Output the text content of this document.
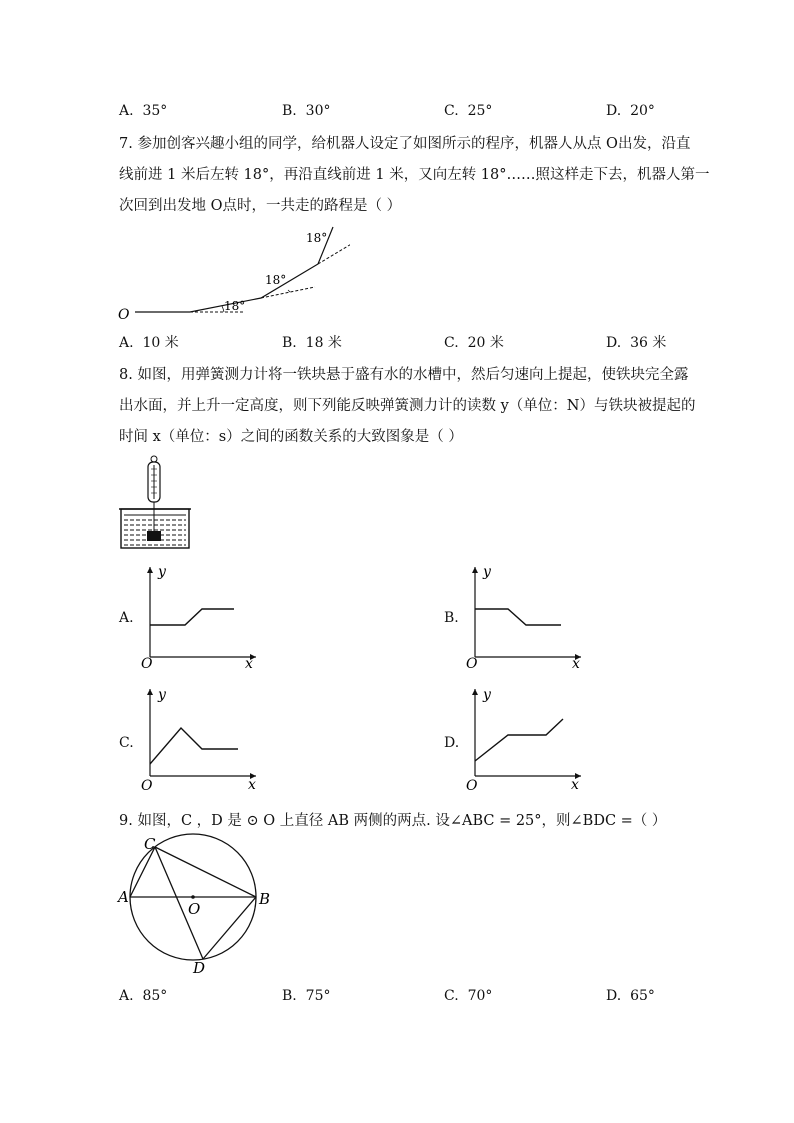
A. 35°	B. 30°	C. 25°	D. 20°
7. 参加创客兴趣小组的同学，给机器人设定了如图所示的程序，机器人从点 O出发，沿直
线前进 1 米后左转 18°，再沿直线前进 1 米，又向左转 18°……照这样走下去，机器人第一
次回到出发地 O点时，一共走的路程是（ ）
O
18°
18°
18°
A. 10 米	B. 18 米	C. 20 米	D. 36 米
8. 如图，用弹簧测力计将一铁块悬于盛有水的水槽中，然后匀速向上提起，使铁块完全露
出水面，并上升一定高度，则下列能反映弹簧测力计的读数 y（单位：N）与铁块被提起的
时间 x（单位：s）之间的函数关系的大致图象是（ ）
A.
y
x
O
B.
y
x
O
C.
y
x
O
D.
y
x
O
9. 如图，C ，D 是 ⊙ O 上直径 AB 两侧的两点. 设∠ABC = 25°，则∠BDC =（ ）
C
A	B
O
D
A. 85°	B. 75°	C. 70°	D. 65°
